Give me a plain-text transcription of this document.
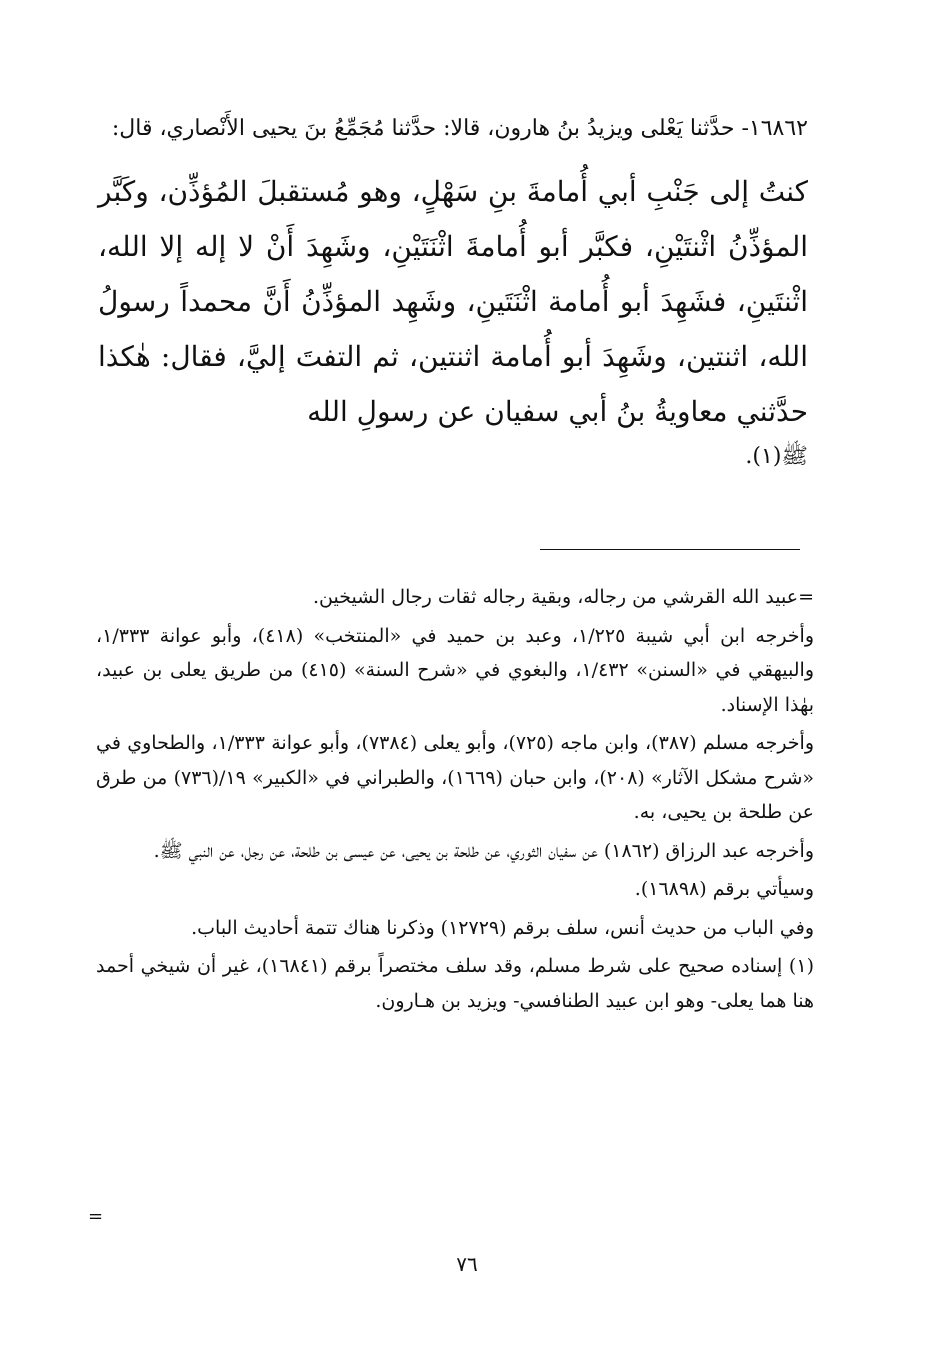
١٦٨٦٢- حدَّثنا يَعْلى ويزيدُ بنُ هارون، قالا: حدَّثنا مُجَمِّعُ بنَ يحيى الأَنْصاري، قال:

كنتُ إلى جَنْبِ أبي أُمامةَ بنِ سَهْلٍ، وهو مُستقبلَ المُؤذِّن، وكَبَّر المؤذِّنُ اثْنتَيْنِ، فكبَّر أبو أُمامةَ اثْنَتَيْنِ، وشَهِدَ أَنْ لا إله إلا الله، اثْنتَينِ، فشَهِدَ أبو أُمامة اثْنَتَينِ، وشَهِد المؤذِّنُ أَنَّ محمداً رسولُ الله، اثنتين، وشَهِدَ أبو أُمامة اثنتين، ثم التفتَ إليَّ، فقال: هٰكذا حدَّثني معاويةُ بنُ أبي سفيان عن رسولِ الله

ﷺ(١).

=عبيد الله القرشي من رجاله، وبقية رجاله ثقات رجال الشيخين.

وأخرجه ابن أبي شيبة ١/٢٢٥، وعبد بن حميد في «المنتخب» (٤١٨)، وأبو عوانة ١/٣٣٣، والبيهقي في «السنن» ١/٤٣٢، والبغوي في «شرح السنة» (٤١٥) من طريق يعلى بن عبيد، بهٰذا الإسناد.

وأخرجه مسلم (٣٨٧)، وابن ماجه (٧٢٥)، وأبو يعلى (٧٣٨٤)، وأبو عوانة ١/٣٣٣، والطحاوي في «شرح مشكل الآثار» (٢٠٨)، وابن حبان (١٦٦٩)، والطبراني في «الكبير» ١٩/(٧٣٦) من طرق عن طلحة بن يحيى، به.

وأخرجه عبد الرزاق (١٨٦٢) عن سفيان الثوري، عن طلحة بن يحيى، عن عيسى بن طلحة، عن رجل، عن النبي ﷺ.

وسيأتي برقم (١٦٨٩٨).

وفي الباب من حديث أنس، سلف برقم (١٢٧٢٩) وذكرنا هناك تتمة أحاديث الباب.

(١) إسناده صحيح على شرط مسلم، وقد سلف مختصراً برقم (١٦٨٤١)، غير أن شيخي أحمد هنا هما يعلى- وهو ابن عبيد الطنافسي- ويزيد بن هـارون.

=
٧٦
